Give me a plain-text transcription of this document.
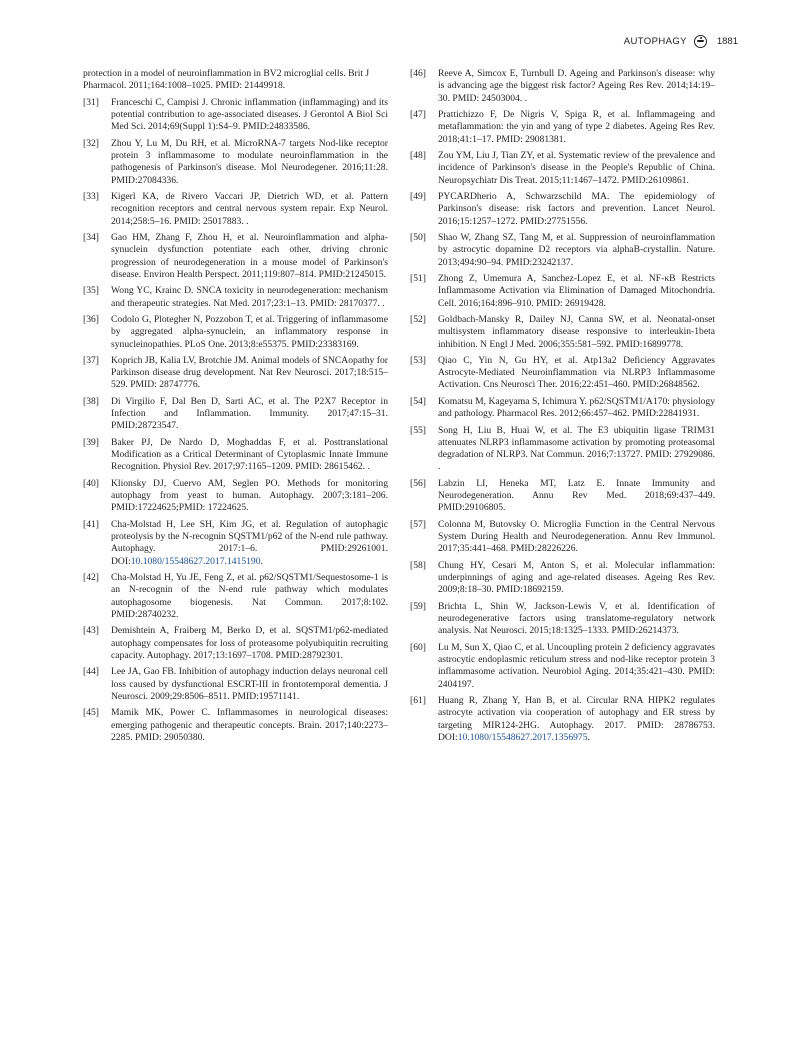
AUTOPHAGY	1881
protection in a model of neuroinflammation in BV2 microglial cells. Brit J Pharmacol. 2011;164:1008–1025. PMID: 21449918.
[31] Franceschi C, Campisi J. Chronic inflammation (inflammaging) and its potential contribution to age-associated diseases. J Gerontol A Biol Sci Med Sci. 2014;69(Suppl 1):S4–9. PMID:24833586.
[32] Zhou Y, Lu M, Du RH, et al. MicroRNA-7 targets Nod-like receptor protein 3 inflammasome to modulate neuroinflammation in the pathogenesis of Parkinson's disease. Mol Neurodegener. 2016;11:28. PMID:27084336.
[33] Kigerl KA, de Rivero Vaccari JP, Dietrich WD, et al. Pattern recognition receptors and central nervous system repair. Exp Neurol. 2014;258:5–16. PMID: 25017883. .
[34] Gao HM, Zhang F, Zhou H, et al. Neuroinflammation and alpha-synuclein dysfunction potentiate each other, driving chronic progression of neurodegeneration in a mouse model of Parkinson's disease. Environ Health Perspect. 2011;119:807–814. PMID:21245015.
[35] Wong YC, Krainc D. SNCA toxicity in neurodegeneration: mechanism and therapeutic strategies. Nat Med. 2017;23:1–13. PMID: 28170377. .
[36] Codolo G, Plotegher N, Pozzobon T, et al. Triggering of inflammasome by aggregated alpha-synuclein, an inflammatory response in synucleinopathies. PLoS One. 2013;8:e55375. PMID:23383169.
[37] Koprich JB, Kalia LV, Brotchie JM. Animal models of SNCAopathy for Parkinson disease drug development. Nat Rev Neurosci. 2017;18:515–529. PMID: 28747776.
[38] Di Virgilio F, Dal Ben D, Sarti AC, et al. The P2X7 Receptor in Infection and Inflammation. Immunity. 2017;47:15–31. PMID:28723547.
[39] Baker PJ, De Nardo D, Moghaddas F, et al. Posttranslational Modification as a Critical Determinant of Cytoplasmic Innate Immune Recognition. Physiol Rev. 2017;97:1165–1209. PMID: 28615462. .
[40] Klionsky DJ, Cuervo AM, Seglen PO. Methods for monitoring autophagy from yeast to human. Autophagy. 2007;3:181–206. PMID:17224625;PMID: 17224625.
[41] Cha-Molstad H, Lee SH, Kim JG, et al. Regulation of autophagic proteolysis by the N-recognin SQSTM1/p62 of the N-end rule pathway. Autophagy. 2017:1–6. PMID:29261001. DOI:10.1080/15548627.2017.1415190.
[42] Cha-Molstad H, Yu JE, Feng Z, et al. p62/SQSTM1/Sequestosome-1 is an N-recognin of the N-end rule pathway which modulates autophagosome biogenesis. Nat Commun. 2017;8:102. PMID:28740232.
[43] Demishtein A, Fraiberg M, Berko D, et al. SQSTM1/p62-mediated autophagy compensates for loss of proteasome polyubiquitin recruiting capacity. Autophagy. 2017;13:1697–1708. PMID:28792301.
[44] Lee JA, Gao FB. Inhibition of autophagy induction delays neuronal cell loss caused by dysfunctional ESCRT-III in frontotemporal dementia. J Neurosci. 2009;29:8506–8511. PMID:19571141.
[45] Mamik MK, Power C. Inflammasomes in neurological diseases: emerging pathogenic and therapeutic concepts. Brain. 2017;140:2273–2285. PMID: 29050380.
[46] Reeve A, Simcox E, Turnbull D. Ageing and Parkinson's disease: why is advancing age the biggest risk factor? Ageing Res Rev. 2014;14:19–30. PMID: 24503004. .
[47] Prattichizzo F, De Nigris V, Spiga R, et al. Inflammageing and metaflammation: the yin and yang of type 2 diabetes. Ageing Res Rev. 2018;41:1–17. PMID: 29081381.
[48] Zou YM, Liu J, Tian ZY, et al. Systematic review of the prevalence and incidence of Parkinson's disease in the People's Republic of China. Neuropsychiatr Dis Treat. 2015;11:1467–1472. PMID:26109861.
[49] PYCARDherio A, Schwarzschild MA. The epidemiology of Parkinson's disease: risk factors and prevention. Lancet Neurol. 2016;15:1257–1272. PMID:27751556.
[50] Shao W, Zhang SZ, Tang M, et al. Suppression of neuroinflammation by astrocytic dopamine D2 receptors via alphaB-crystallin. Nature. 2013;494:90–94. PMID:23242137.
[51] Zhong Z, Umemura A, Sanchez-Lopez E, et al. NF-κB Restricts Inflammasome Activation via Elimination of Damaged Mitochondria. Cell. 2016;164:896–910. PMID: 26919428.
[52] Goldbach-Mansky R, Dailey NJ, Canna SW, et al. Neonatal-onset multisystem inflammatory disease responsive to interleukin-1beta inhibition. N Engl J Med. 2006;355:581–592. PMID:16899778.
[53] Qiao C, Yin N, Gu HY, et al. Atp13a2 Deficiency Aggravates Astrocyte-Mediated Neuroinflammation via NLRP3 Inflammasome Activation. Cns Neurosci Ther. 2016;22:451–460. PMID:26848562.
[54] Komatsu M, Kageyama S, Ichimura Y. p62/SQSTM1/A170: physiology and pathology. Pharmacol Res. 2012;66:457–462. PMID:22841931.
[55] Song H, Liu B, Huai W, et al. The E3 ubiquitin ligase TRIM31 attenuates NLRP3 inflammasome activation by promoting proteasomal degradation of NLRP3. Nat Commun. 2016;7:13727. PMID: 27929086. .
[56] Labzin LI, Heneka MT, Latz E. Innate Immunity and Neurodegeneration. Annu Rev Med. 2018;69:437–449. PMID:29106805.
[57] Colonna M, Butovsky O. Microglia Function in the Central Nervous System During Health and Neurodegeneration. Annu Rev Immunol. 2017;35:441–468. PMID:28226226.
[58] Chung HY, Cesari M, Anton S, et al. Molecular inflammation: underpinnings of aging and age-related diseases. Ageing Res Rev. 2009;8:18–30. PMID:18692159.
[59] Brichta L, Shin W, Jackson-Lewis V, et al. Identification of neurodegenerative factors using translatome-regulatory network analysis. Nat Neurosci. 2015;18:1325–1333. PMID:26214373.
[60] Lu M, Sun X, Qiao C, et al. Uncoupling protein 2 deficiency aggravates astrocytic endoplasmic reticulum stress and nod-like receptor protein 3 inflammasome activation. Neurobiol Aging. 2014;35:421–430. PMID: 2404197.
[61] Huang R, Zhang Y, Han B, et al. Circular RNA HIPK2 regulates astrocyte activation via cooperation of autophagy and ER stress by targeting MIR124-2HG. Autophagy. 2017. PMID: 28786753. DOI:10.1080/15548627.2017.1356975.
